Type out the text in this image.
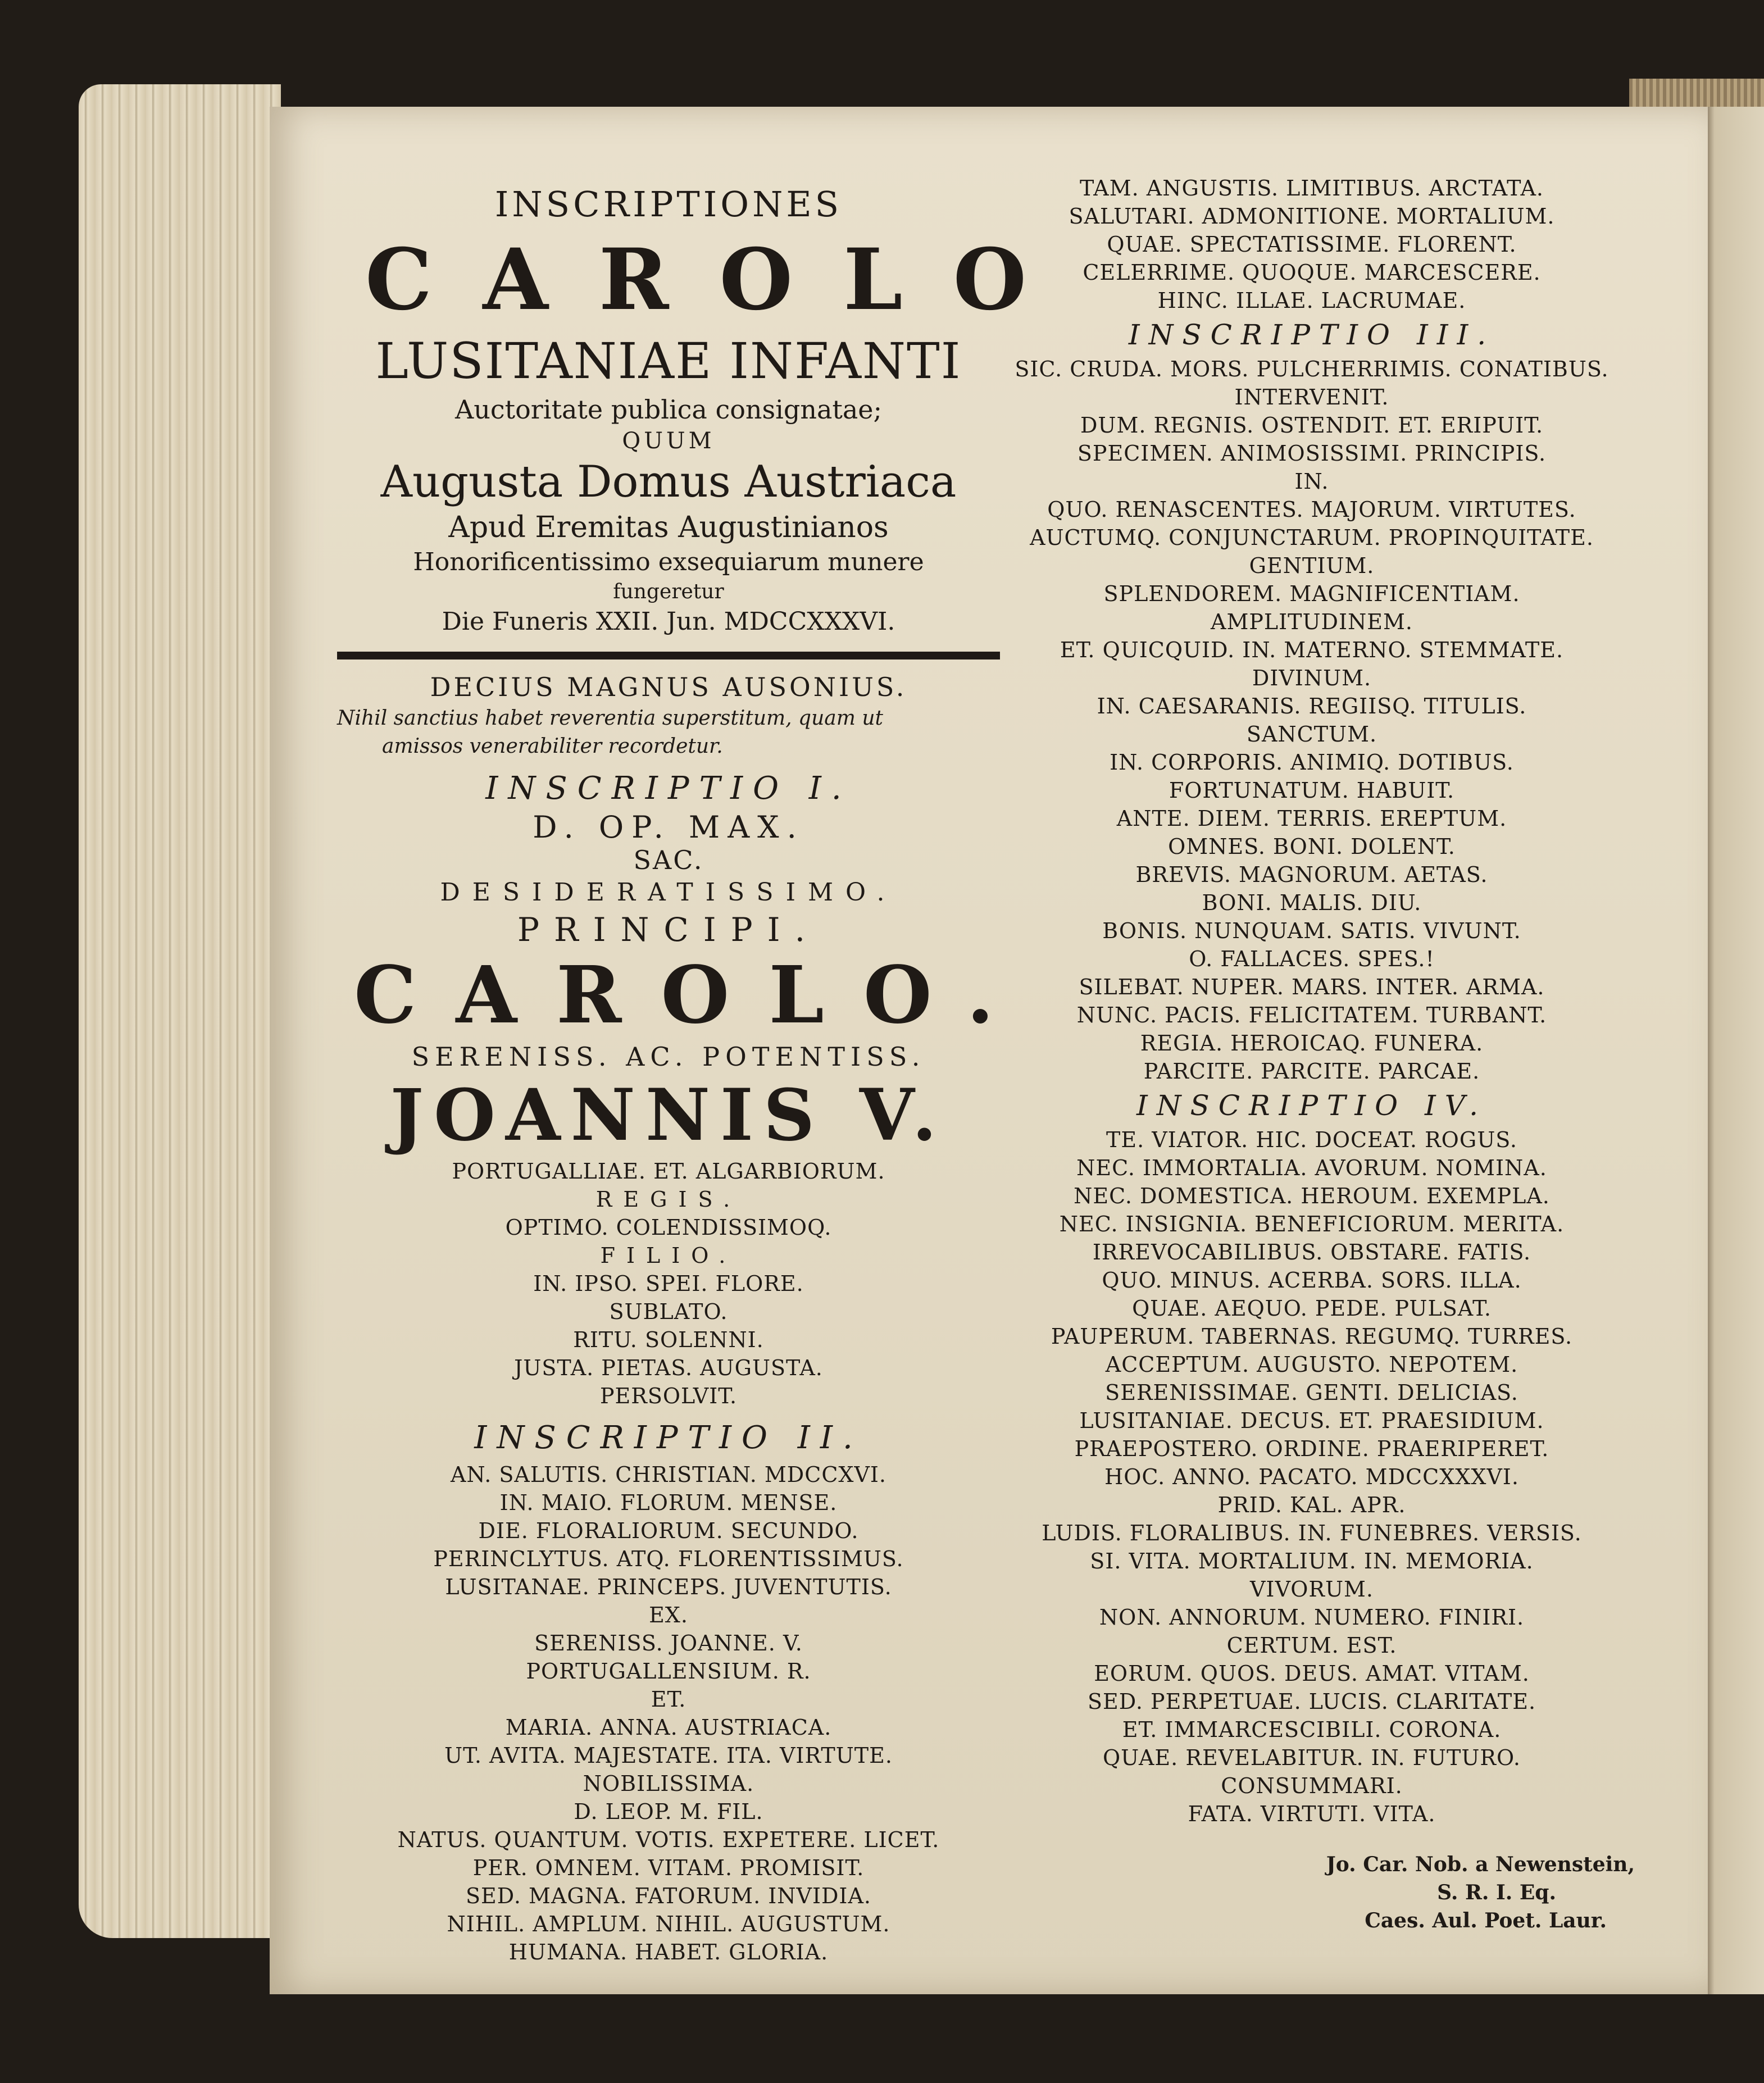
INSCRIPTIONES
CAROLO
LUSITANIAE INFANTI
Auctoritate publica consignatae;
QUUM
Augusta Domus Austriaca
Apud Eremitas Augustinianos
Honorificentissimo exsequiarum munere
fungeretur
Die Funeris XXII. Jun. MDCCXXXVI.
DECIUS MAGNUS AUSONIUS.
Nihil sanctius habet reverentia superstitum, quam ut
amissos venerabiliter recordetur.
INSCRIPTIO I.
D. OP. MAX.
SAC.
DESIDERATISSIMO.
PRINCIPI.
CAROLO.
SERENISS. AC. POTENTISS.
JOANNIS V.
PORTUGALLIAE. ET. ALGARBIORUM.
REGIS.
OPTIMO. COLENDISSIMOQ.
FILIO.
IN. IPSO. SPEI. FLORE.
SUBLATO.
RITU. SOLENNI.
JUSTA. PIETAS. AUGUSTA.
PERSOLVIT.
INSCRIPTIO II.
AN. SALUTIS. CHRISTIAN. MDCCXVI.
IN. MAIO. FLORUM. MENSE.
DIE. FLORALIORUM. SECUNDO.
PERINCLYTUS. ATQ. FLORENTISSIMUS.
LUSITANAE. PRINCEPS. JUVENTUTIS.
EX.
SERENISS. JOANNE. V.
PORTUGALLENSIUM. R.
ET.
MARIA. ANNA. AUSTRIACA.
UT. AVITA. MAJESTATE. ITA. VIRTUTE.
NOBILISSIMA.
D. LEOP. M. FIL.
NATUS. QUANTUM. VOTIS. EXPETERE. LICET.
PER. OMNEM. VITAM. PROMISIT.
SED. MAGNA. FATORUM. INVIDIA.
NIHIL. AMPLUM. NIHIL. AUGUSTUM.
HUMANA. HABET. GLORIA.
TAM. ANGUSTIS. LIMITIBUS. ARCTATA.
SALUTARI. ADMONITIONE. MORTALIUM.
QUAE. SPECTATISSIME. FLORENT.
CELERRIME. QUOQUE. MARCESCERE.
HINC. ILLAE. LACRUMAE.
INSCRIPTIO III.
SIC. CRUDA. MORS. PULCHERRIMIS. CONATIBUS.
INTERVENIT.
DUM. REGNIS. OSTENDIT. ET. ERIPUIT.
SPECIMEN. ANIMOSISSIMI. PRINCIPIS.
IN.
QUO. RENASCENTES. MAJORUM. VIRTUTES.
AUCTUMQ. CONJUNCTARUM. PROPINQUITATE.
GENTIUM.
SPLENDOREM. MAGNIFICENTIAM.
AMPLITUDINEM.
ET. QUICQUID. IN. MATERNO. STEMMATE.
DIVINUM.
IN. CAESARANIS. REGIISQ. TITULIS.
SANCTUM.
IN. CORPORIS. ANIMIQ. DOTIBUS.
FORTUNATUM. HABUIT.
ANTE. DIEM. TERRIS. EREPTUM.
OMNES. BONI. DOLENT.
BREVIS. MAGNORUM. AETAS.
BONI. MALIS. DIU.
BONIS. NUNQUAM. SATIS. VIVUNT.
O. FALLACES. SPES.!
SILEBAT. NUPER. MARS. INTER. ARMA.
NUNC. PACIS. FELICITATEM. TURBANT.
REGIA. HEROICAQ. FUNERA.
PARCITE. PARCITE. PARCAE.
INSCRIPTIO IV.
TE. VIATOR. HIC. DOCEAT. ROGUS.
NEC. IMMORTALIA. AVORUM. NOMINA.
NEC. DOMESTICA. HEROUM. EXEMPLA.
NEC. INSIGNIA. BENEFICIORUM. MERITA.
IRREVOCABILIBUS. OBSTARE. FATIS.
QUO. MINUS. ACERBA. SORS. ILLA.
QUAE. AEQUO. PEDE. PULSAT.
PAUPERUM. TABERNAS. REGUMQ. TURRES.
ACCEPTUM. AUGUSTO. NEPOTEM.
SERENISSIMAE. GENTI. DELICIAS.
LUSITANIAE. DECUS. ET. PRAESIDIUM.
PRAEPOSTERO. ORDINE. PRAERIPERET.
HOC. ANNO. PACATO. MDCCXXXVI.
PRID. KAL. APR.
LUDIS. FLORALIBUS. IN. FUNEBRES. VERSIS.
SI. VITA. MORTALIUM. IN. MEMORIA.
VIVORUM.
NON. ANNORUM. NUMERO. FINIRI.
CERTUM. EST.
EORUM. QUOS. DEUS. AMAT. VITAM.
SED. PERPETUAE. LUCIS. CLARITATE.
ET. IMMARCESCIBILI. CORONA.
QUAE. REVELABITUR. IN. FUTURO.
CONSUMMARI.
FATA. VIRTUTI. VITA.
Jo. Car. Nob. a Newenstein,
S. R. I. Eq.
Caes. Aul. Poet. Laur.
